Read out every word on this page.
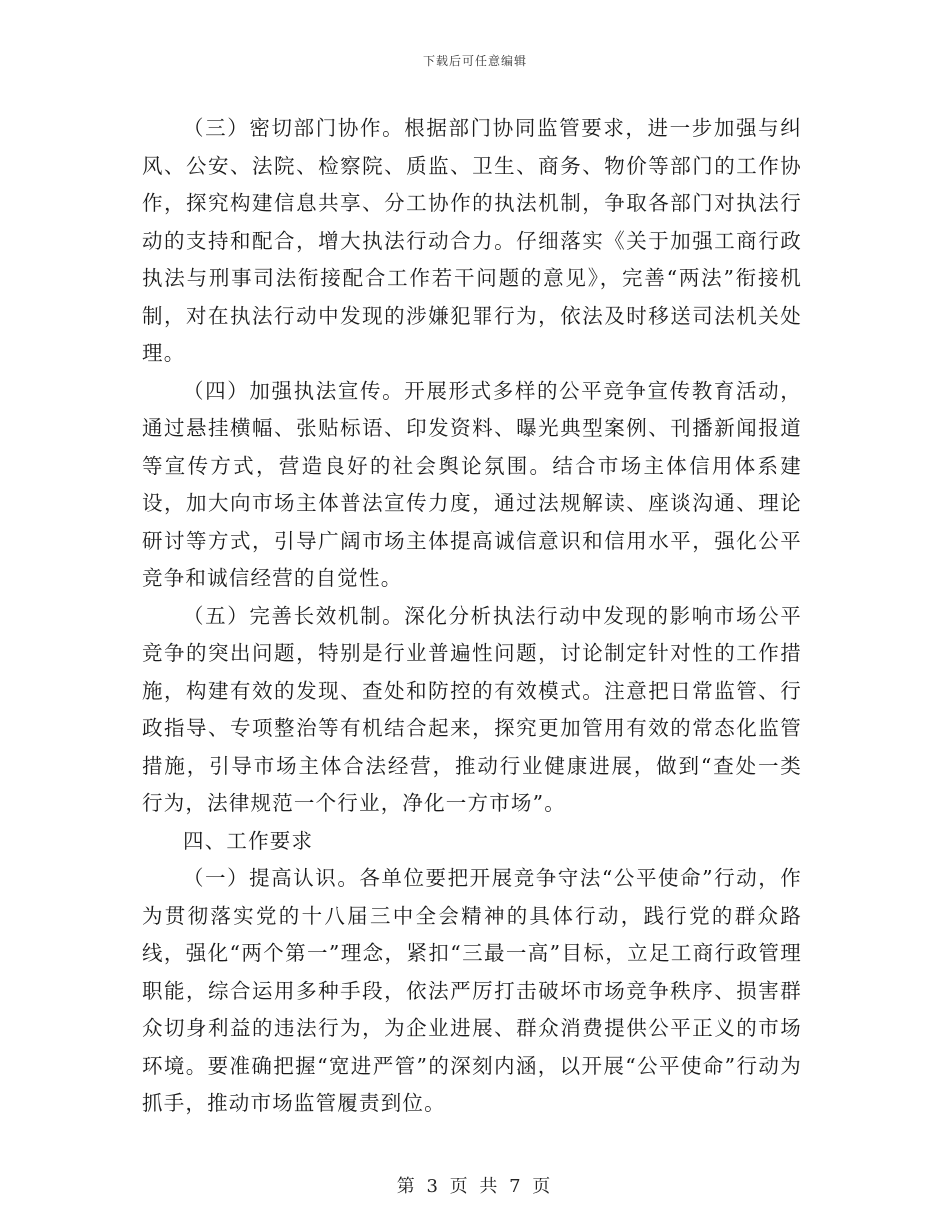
下载后可任意编辑

（三）密切部门协作。根据部门协同监管要求，进一步加强与纠风、公安、法院、检察院、质监、卫生、商务、物价等部门的工作协作，探究构建信息共享、分工协作的执法机制，争取各部门对执法行动的支持和配合，增大执法行动合力。仔细落实《关于加强工商行政执法与刑事司法衔接配合工作若干问题的意见》，完善“两法”衔接机制，对在执法行动中发现的涉嫌犯罪行为，依法及时移送司法机关处理。

（四）加强执法宣传。开展形式多样的公平竞争宣传教育活动，通过悬挂横幅、张贴标语、印发资料、曝光典型案例、刊播新闻报道等宣传方式，营造良好的社会舆论氛围。结合市场主体信用体系建设，加大向市场主体普法宣传力度，通过法规解读、座谈沟通、理论研讨等方式，引导广阔市场主体提高诚信意识和信用水平，强化公平竞争和诚信经营的自觉性。

（五）完善长效机制。深化分析执法行动中发现的影响市场公平竞争的突出问题，特别是行业普遍性问题，讨论制定针对性的工作措施，构建有效的发现、查处和防控的有效模式。注意把日常监管、行政指导、专项整治等有机结合起来，探究更加管用有效的常态化监管措施，引导市场主体合法经营，推动行业健康进展，做到“查处一类行为，法律规范一个行业，净化一方市场”。

四、工作要求

（一）提高认识。各单位要把开展竞争守法“公平使命”行动，作为贯彻落实党的十八届三中全会精神的具体行动，践行党的群众路线，强化“两个第一”理念，紧扣“三最一高”目标，立足工商行政管理职能，综合运用多种手段，依法严厉打击破坏市场竞争秩序、损害群众切身利益的违法行为，为企业进展、群众消费提供公平正义的市场环境。要准确把握“宽进严管”的深刻内涵，以开展“公平使命”行动为抓手，推动市场监管履责到位。

第 3 页 共 7 页
